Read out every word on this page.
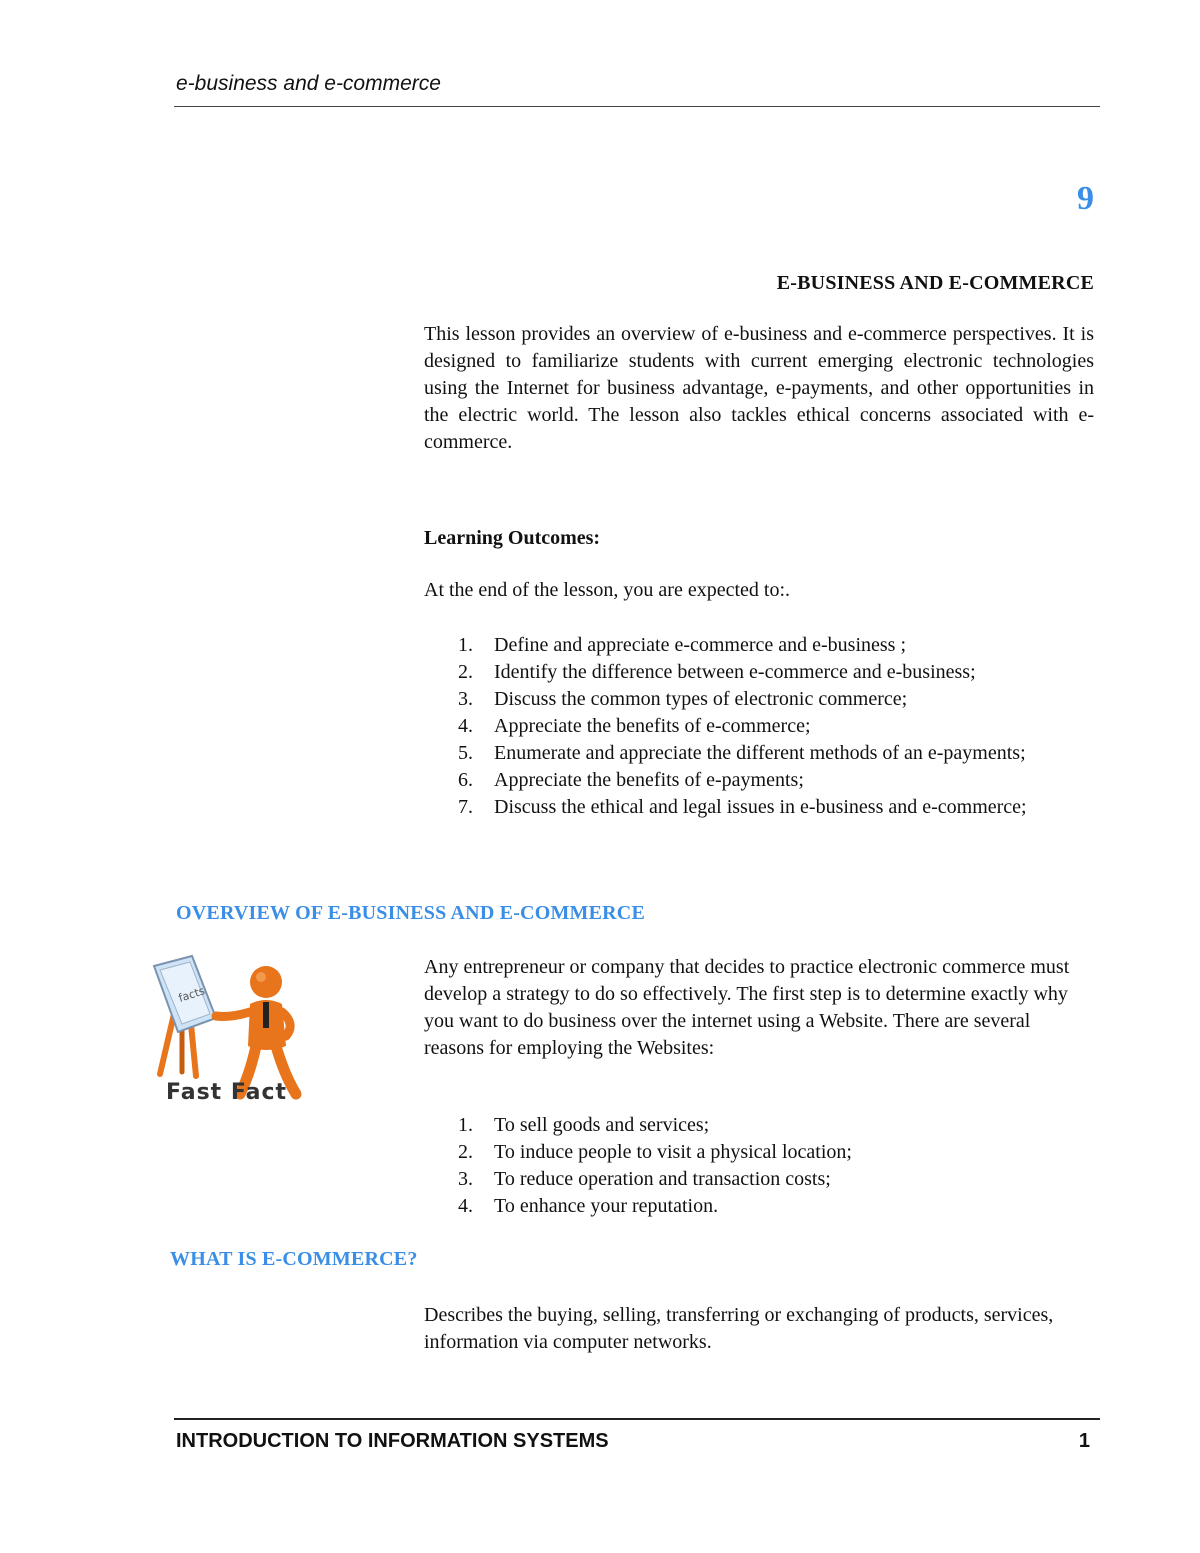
e-business and e-commerce

9

E-BUSINESS AND E-COMMERCE

This lesson provides an overview of e-business and e-commerce perspectives. It is designed to familiarize students with current emerging electronic technologies using the Internet for business advantage, e-payments, and other opportunities in the electric world. The lesson also tackles ethical concerns associated with e-commerce.

Learning Outcomes:

At the end of the lesson, you are expected to:.

1. Define and appreciate e-commerce and e-business ;
2. Identify the difference between e-commerce and e-business;
3. Discuss the common types of electronic commerce;
4. Appreciate the benefits of e-commerce;
5. Enumerate and appreciate the different methods of an e-payments;
6. Appreciate the benefits of e-payments;
7. Discuss the ethical and legal issues in e-business and e-commerce;
OVERVIEW OF E-BUSINESS AND E-COMMERCE
facts

Fast Fact

Any entrepreneur or company that decides to practice electronic commerce must develop a strategy to do so effectively. The first step is to determine exactly why you want to do business over the internet using a Website. There are several reasons for employing the Websites:

1. To sell goods and services;
2. To induce people to visit a physical location;
3. To reduce operation and transaction costs;
4. To enhance your reputation.
WHAT IS E-COMMERCE?

Describes the buying, selling, transferring or exchanging of products, services, information via computer networks.

INTRODUCTION TO INFORMATION SYSTEMS	1
